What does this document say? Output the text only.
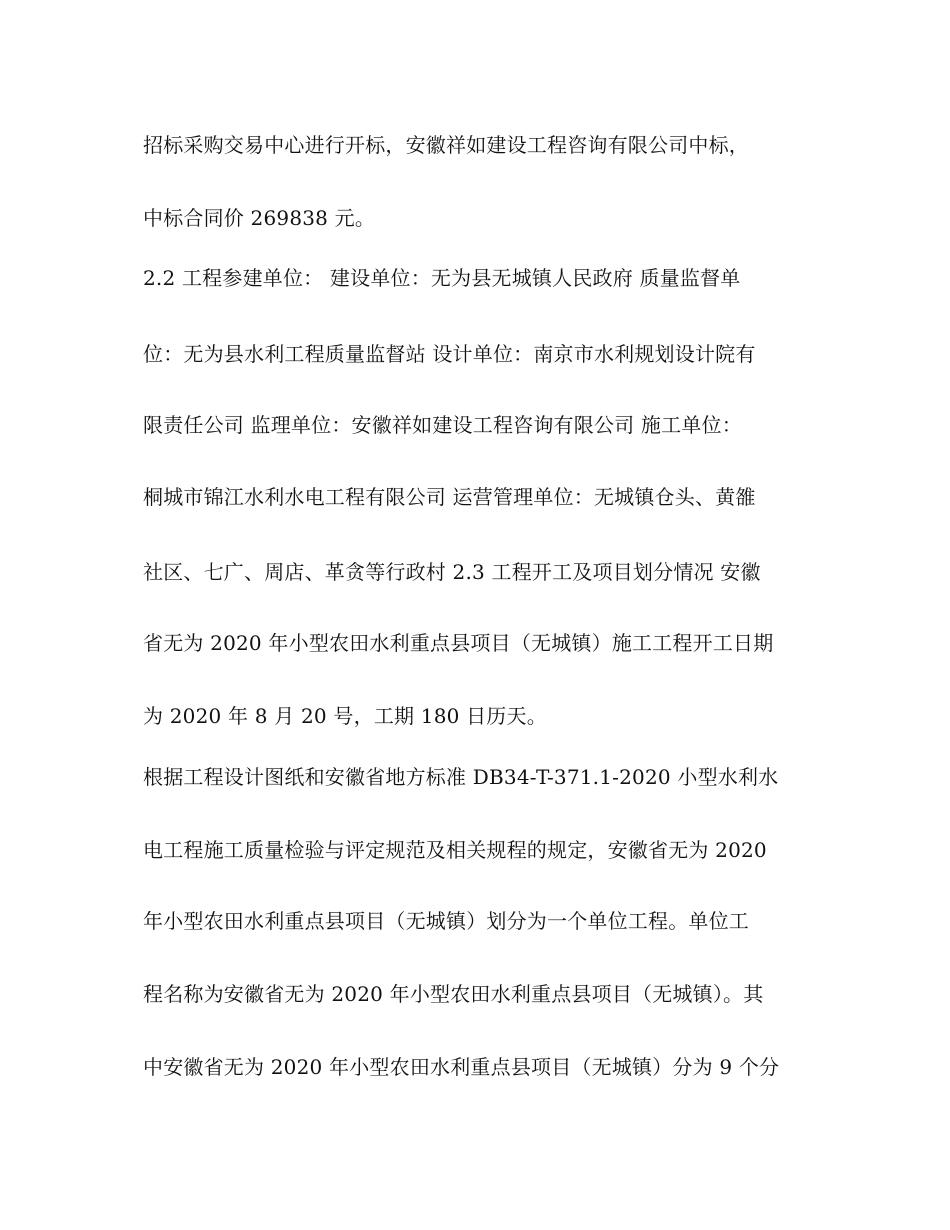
招标采购交易中心进行开标，安徽祥如建设工程咨询有限公司中标，
中标合同价 269838 元。
2.2 工程参建单位： 建设单位：无为县无城镇人民政府 质量监督单
位：无为县水利工程质量监督站 设计单位：南京市水利规划设计院有
限责任公司 监理单位：安徽祥如建设工程咨询有限公司 施工单位：
桐城市锦江水利水电工程有限公司 运营管理单位：无城镇仓头、黄雒
社区、七广、周店、革贪等行政村 2.3 工程开工及项目划分情况 安徽
省无为 2020 年小型农田水利重点县项目（无城镇）施工工程开工日期
为 2020 年 8 月 20 号，工期 180 日历天。
根据工程设计图纸和安徽省地方标准 DB34-T-371.1-2020 小型水利水
电工程施工质量检验与评定规范及相关规程的规定，安徽省无为 2020
年小型农田水利重点县项目（无城镇）划分为一个单位工程。单位工
程名称为安徽省无为 2020 年小型农田水利重点县项目（无城镇）。其
中安徽省无为 2020 年小型农田水利重点县项目（无城镇）分为 9 个分
